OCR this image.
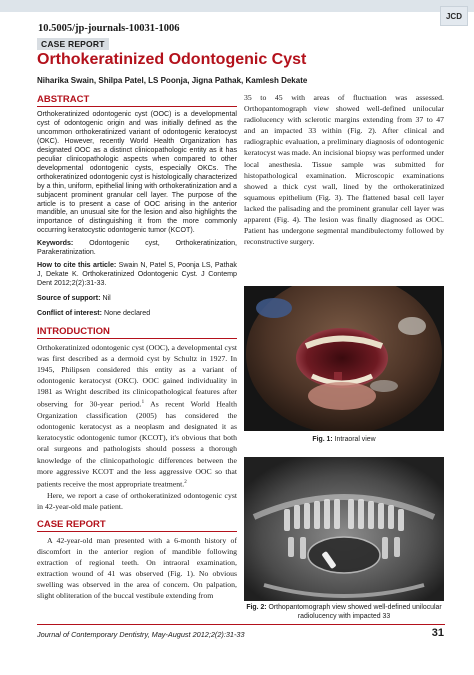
JCD
10.5005/jp-journals-10031-1006
CASE REPORT
Orthokeratinized Odontogenic Cyst
Niharika Swain, Shilpa Patel, LS Poonja, Jigna Pathak, Kamlesh Dekate
ABSTRACT

Orthokeratinized odontogenic cyst (OOC) is a developmental cyst of odontogenic origin and was initially defined as the uncommon orthokeratinized variant of odontogenic keratocyst (OKC). However, recently World Health Organization has designated OOC as a distinct clinicopathologic entity as it has peculiar clinicopathologic aspects when compared to other developmental odontogenic cysts, especially OKCs. The orthokeratinized odontogenic cyst is histologically characterized by a thin, uniform, epithelial lining with orthokeratinization and a subjacent prominent granular cell layer. The purpose of the article is to present a case of OOC arising in the anterior mandible, an unusual site for the lesion and also highlights the importance of distinguishing it from the more commonly occurring keratocystic odontogenic tumor (KCOT).

Keywords: Odontogenic cyst, Orthokeratinization, Parakeratinization.

How to cite this article: Swain N, Patel S, Poonja LS, Pathak J, Dekate K. Orthokeratinized Odontogenic Cyst. J Contemp Dent 2012;2(2):31-33.

Source of support: Nil

Conflict of interest: None declared

INTRODUCTION

Orthokeratinized odontogenic cyst (OOC), a developmental cyst was first described as a dermoid cyst by Schultz in 1927. In 1945, Philipsen considered this entity as a variant of odontogenic keratocyst (OKC). OOC gained individuality in 1981 as Wright described its clinicopathological features after observing for 30-year period.$^1$ As recent World Health Organization classification (2005) has considered the odontogenic keratocyst as a neoplasm and designated it as keratocystic odontogenic tumor (KCOT), it's obvious that both oral surgeons and pathologists should possess a thorough knowledge of the clinicopathologic differences between the more aggressive KCOT and the less aggressive OOC so that patients receive the most appropriate treatment.$^2$

Here, we report a case of orthokeratinized odontogenic cyst in 42-year-old male patient.

CASE REPORT

A 42-year-old man presented with a 6-month history of discomfort in the anterior region of mandible following extraction of regional teeth. On intraoral examination, extraction wound of 41 was observed (Fig. 1). No obvious swelling was observed in the area of concern. On palpation, slight obliteration of the buccal vestibule extending from

35 to 45 with areas of fluctuation was assessed. Orthopantomograph view showed well-defined unilocular radiolucency with sclerotic margins extending from 37 to 47 and an impacted 33 within (Fig. 2). After clinical and radiographic evaluation, a preliminary diagnosis of odontogenic keratocyst was made. An incisional biopsy was performed under local anesthesia. Tissue sample was submitted for histopathological examination. Microscopic examinations showed a thick cyst wall, lined by the orthokeratinized squamous epithelium (Fig. 3). The flattened basal cell layer lacked the palisading and the prominent granular cell layer was apparent (Fig. 4). The lesion was finally diagnosed as OOC. Patient has undergone segmental mandibulectomy followed by reconstructive surgery.

Fig. 1: Intraoral view
Fig. 2: Orthopantomograph view showed well-defined unilocular radiolucency with impacted 33
Journal of Contemporary Dentistry, May-August 2012;2(2):31-33	31
